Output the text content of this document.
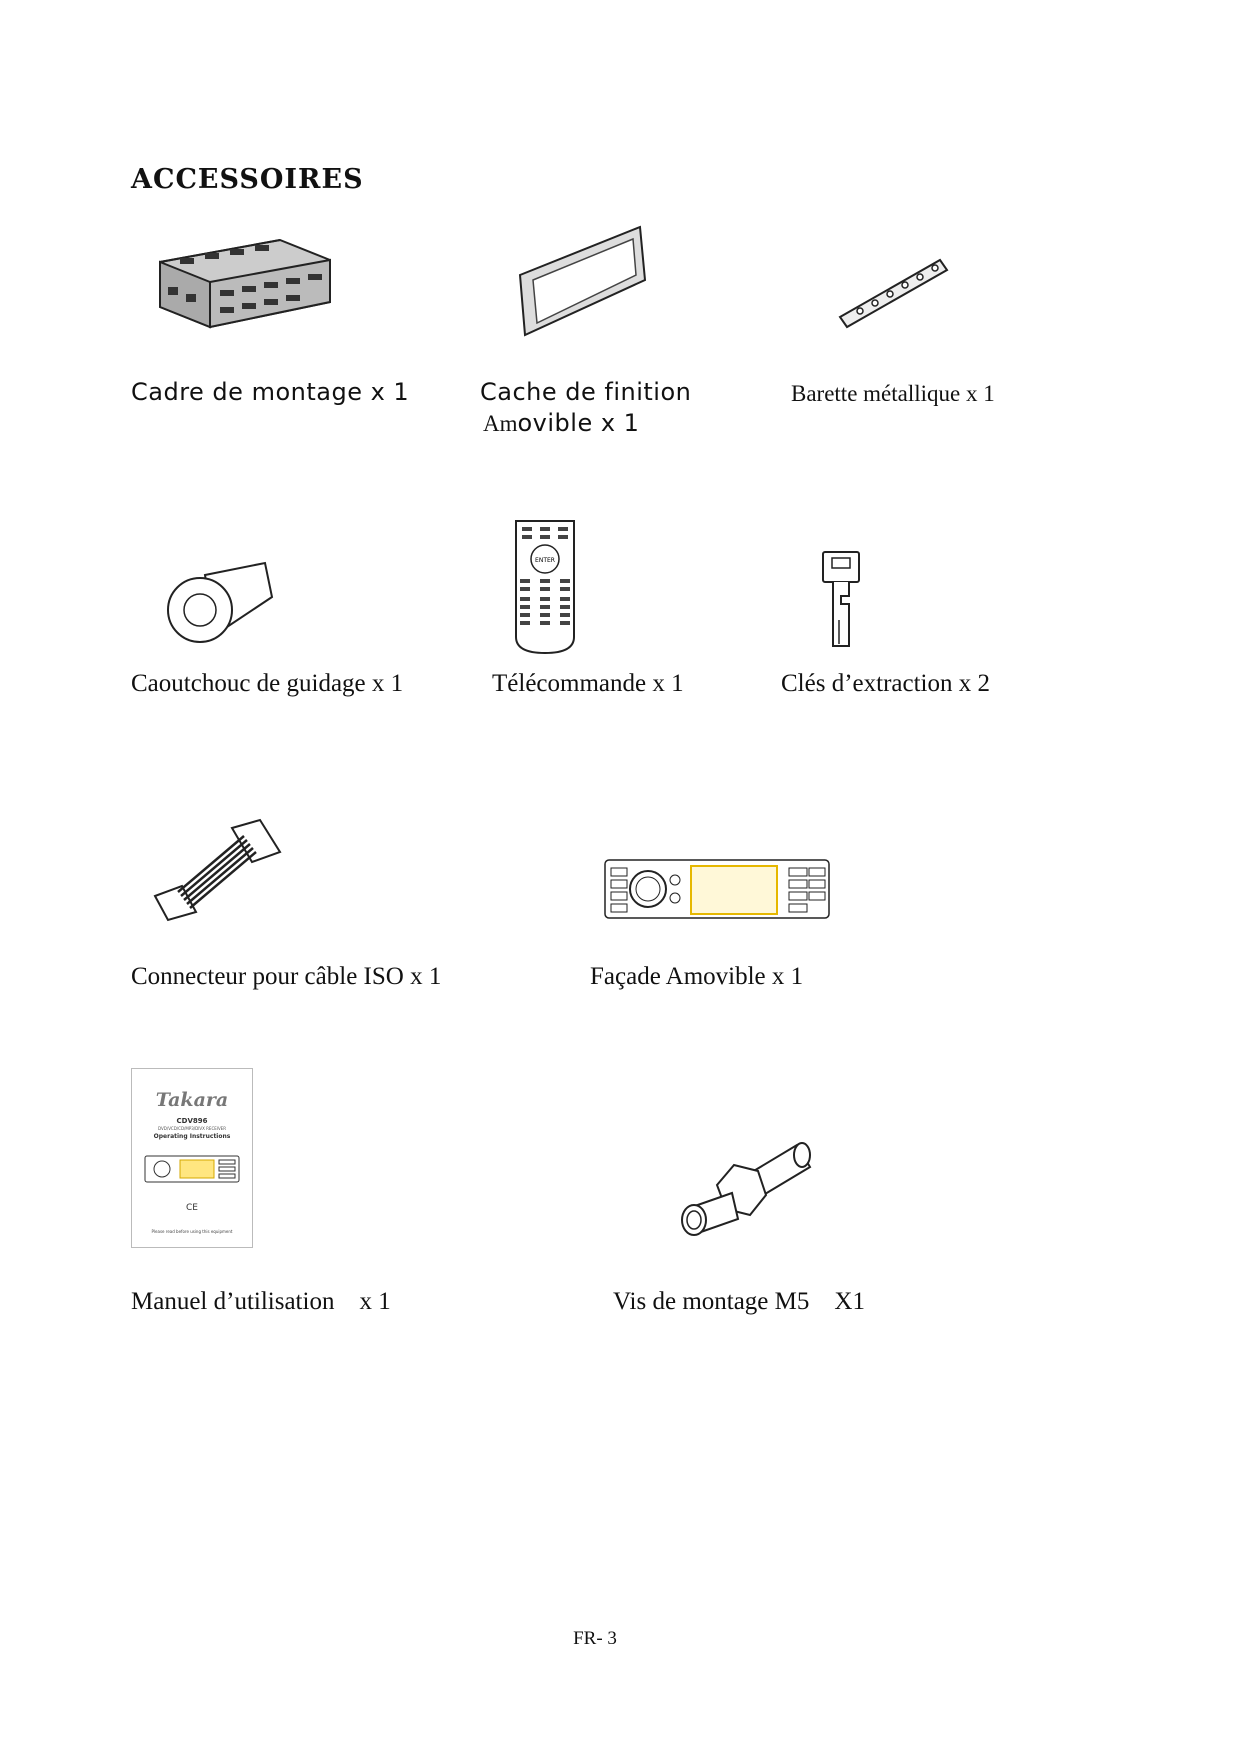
ACCESSOIRES
Cadre de montage x 1	Cache de finition
Amovible x 1
Barette métallique x 1
ENTER
Caoutchouc de guidage x 1	Télécommande x 1	Clés d’extraction x 2
Connecteur pour câble ISO x 1	Façade Amovible x 1
Takara
CDV896
DVD/VCD/CD/MP3/DIVX RECEIVER
Operating Instructions
CE
Please read before using this equipment
Manuel d’utilisation    x 1	Vis de montage M5    X1
FR- 3
